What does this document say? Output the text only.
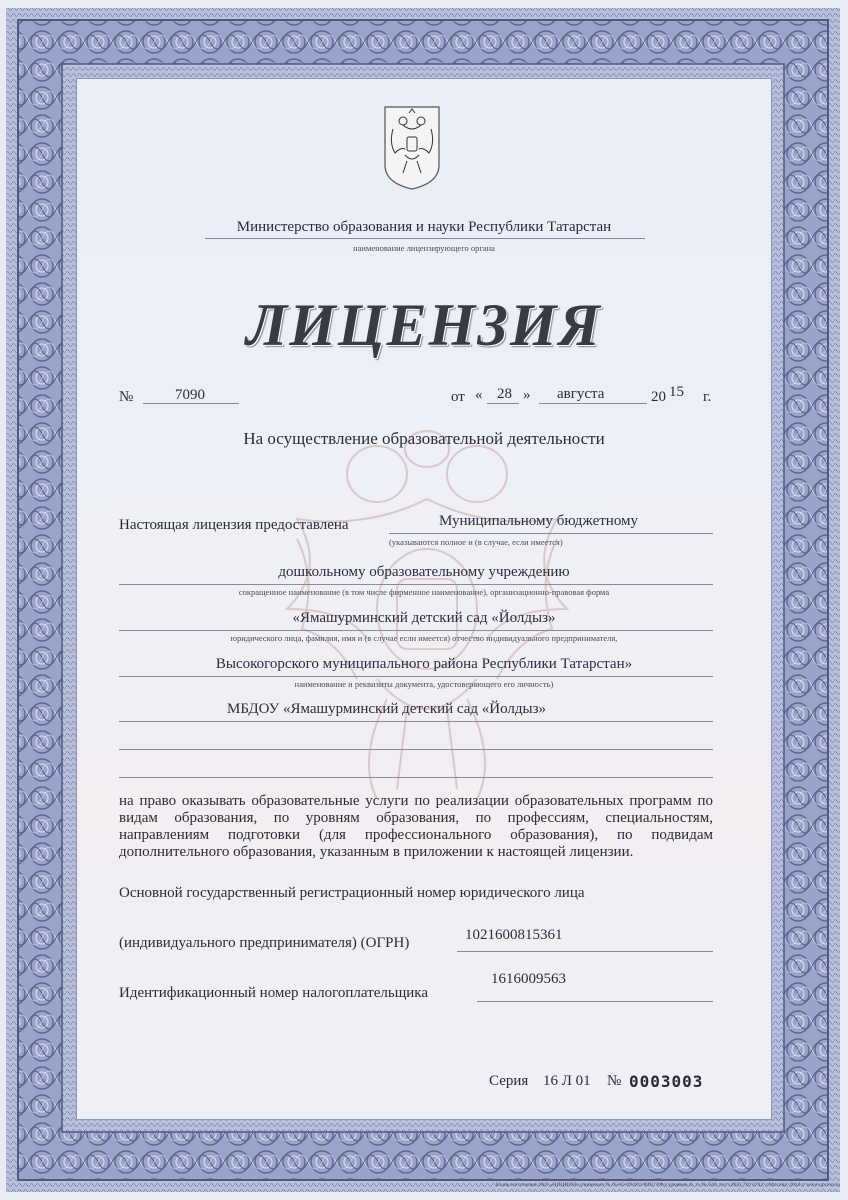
Министерство образования и науки Республики Татарстан
наименование лицензирующего органа
ЛИЦЕНЗИЯ
№	7090	от « 28 » августа	20 15 г.
На осуществление образовательной деятельности
Настоящая лицензия предоставлена	Муниципальному бюджетному
(указываются полное и (в случае, если имеется)
дошкольному образовательному учреждению
сокращенное наименование (в том числе фирменное наименование), организационно-правовая форма
«Ямашурминский детский сад «Йолдыз»
юридического лица, фамилия, имя и (в случае если имеется) отчество индивидуального предпринимателя,
Высокогорского муниципального района Республики Татарстан»
наименование и реквизиты документа, удостоверяющего его личность)
МБДОУ «Ямашурминский детский сад «Йолдыз»
на право оказывать образовательные услуги по реализации образовательных программ по видам образования, по уровням образования, по профессиям, специальностям, направлениям подготовки (для профессионального образования), по подвидам дополнительного образования, указанным в приложении к настоящей лицензии.
Основной государственный регистрационный номер юридического лица
(индивидуального предпринимателя) (ОГРН)	1021600815361
Идентификационный номер налогоплательщика
1616009563
Серия 16 Л 01 № 0003003
Бланк изготовлен ЗАО «ОПЦИОН» (лицензия № 05-05-09/003 ФНС РФ), уровень А, тз № 520, тел. (495) 726 4742, г.Москва, 2014 г. www.opcion.ru
